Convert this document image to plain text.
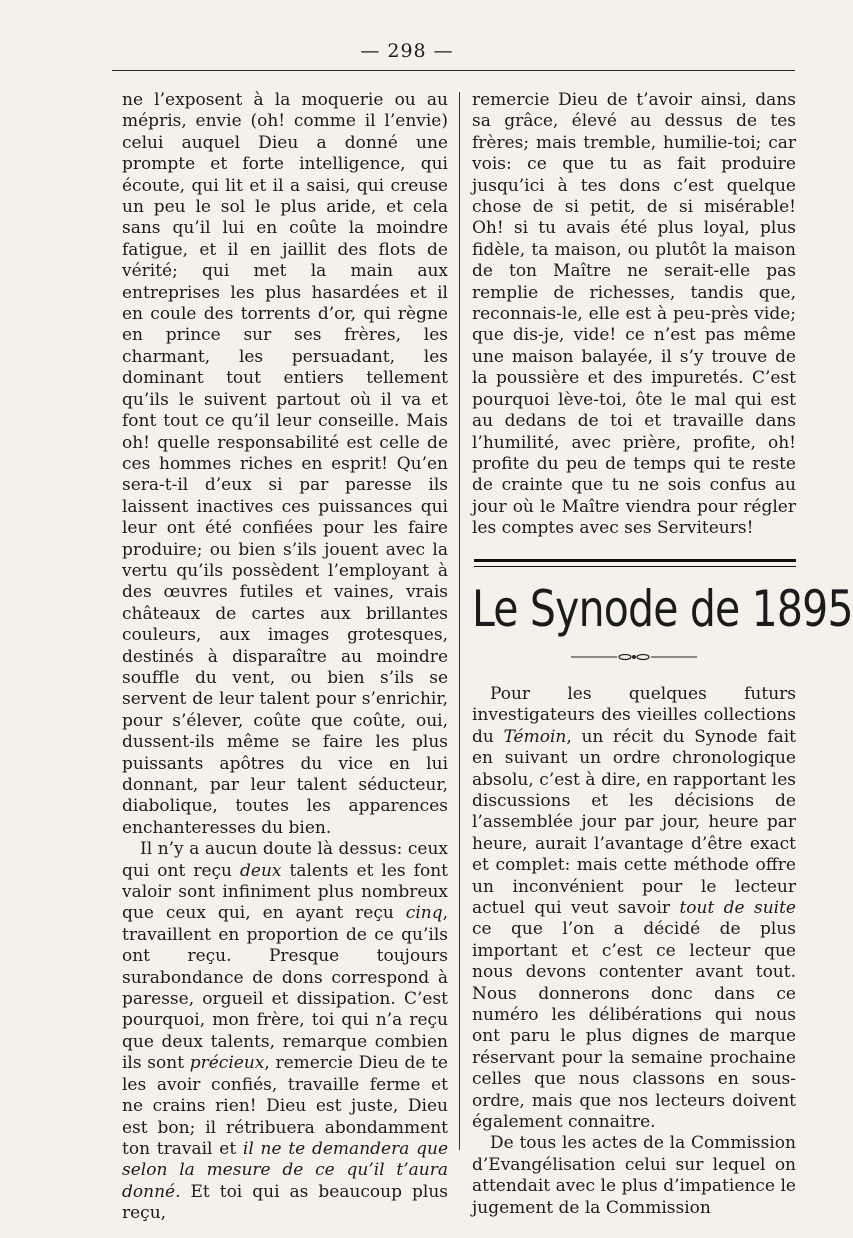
— 298 —

ne l’exposent à la moquerie ou au mépris, envie (oh! comme il l’envie) celui auquel Dieu a donné une prompte et forte intelligence, qui écoute, qui lit et il a saisi, qui creuse un peu le sol le plus aride, et cela sans qu’il lui en coûte la moindre fatigue, et il en jaillit des flots de vérité; qui met la main aux entreprises les plus hasardées et il en coule des torrents d’or, qui règne en prince sur ses frères, les charmant, les persuadant, les dominant tout entiers tellement qu’ils le suivent partout où il va et font tout ce qu’il leur conseille. Mais oh! quelle responsabilité est celle de ces hommes riches en esprit! Qu’en sera-t-il d’eux si par paresse ils laissent inactives ces puissances qui leur ont été confiées pour les faire produire; ou bien s’ils jouent avec la vertu qu’ils possèdent l’employant à des œuvres futiles et vaines, vrais châteaux de cartes aux brillantes couleurs, aux images grotesques, destinés à disparaître au moindre souffle du vent, ou bien s’ils se servent de leur talent pour s’enrichir, pour s’élever, coûte que coûte, oui, dussent-ils même se faire les plus puissants apôtres du vice en lui donnant, par leur talent séducteur, diabolique, toutes les apparences enchanteresses du bien.

Il n’y a aucun doute là dessus: ceux qui ont reçu deux talents et les font valoir sont infiniment plus nombreux que ceux qui, en ayant reçu cinq, travaillent en proportion de ce qu’ils ont reçu. Presque toujours surabondance de dons correspond à paresse, orgueil et dissipation. C’est pourquoi, mon frère, toi qui n’a reçu que deux talents, remarque combien ils sont précieux, remercie Dieu de te les avoir confiés, travaille ferme et ne crains rien! Dieu est juste, Dieu est bon; il rétribuera abondamment ton travail et il ne te demandera que selon la mesure de ce qu’il t’aura donné. Et toi qui as beaucoup plus reçu,

remercie Dieu de t’avoir ainsi, dans sa grâce, élevé au dessus de tes frères; mais tremble, humilie-toi; car vois: ce que tu as fait produire jusqu’ici à tes dons c’est quelque chose de si petit, de si misérable! Oh! si tu avais été plus loyal, plus fidèle, ta maison, ou plutôt la maison de ton Maître ne serait-elle pas remplie de richesses, tandis que, reconnais-le, elle est à peu-près vide; que dis-je, vide! ce n’est pas même une maison balayée, il s’y trouve de la poussière et des impuretés. C’est pourquoi lève-toi, ôte le mal qui est au dedans de toi et travaille dans l’humilité, avec prière, profite, oh! profite du peu de temps qui te reste de crainte que tu ne sois confus au jour où le Maître viendra pour régler les comptes avec ses Serviteurs!

Le Synode de 1895

Pour les quelques futurs investigateurs des vieilles collections du Témoin, un récit du Synode fait en suivant un ordre chronologique absolu, c’est à dire, en rapportant les discussions et les décisions de l’assemblée jour par jour, heure par heure, aurait l’avantage d’être exact et complet: mais cette méthode offre un inconvénient pour le lecteur actuel qui veut savoir tout de suite ce que l’on a décidé de plus important et c’est ce lecteur que nous devons contenter avant tout. Nous donnerons donc dans ce numéro les délibérations qui nous ont paru le plus dignes de marque réservant pour la semaine prochaine celles que nous classons en sous-ordre, mais que nos lecteurs doivent également connaitre.

De tous les actes de la Commission d’Evangélisation celui sur lequel on attendait avec le plus d’impatience le jugement de la Commission
